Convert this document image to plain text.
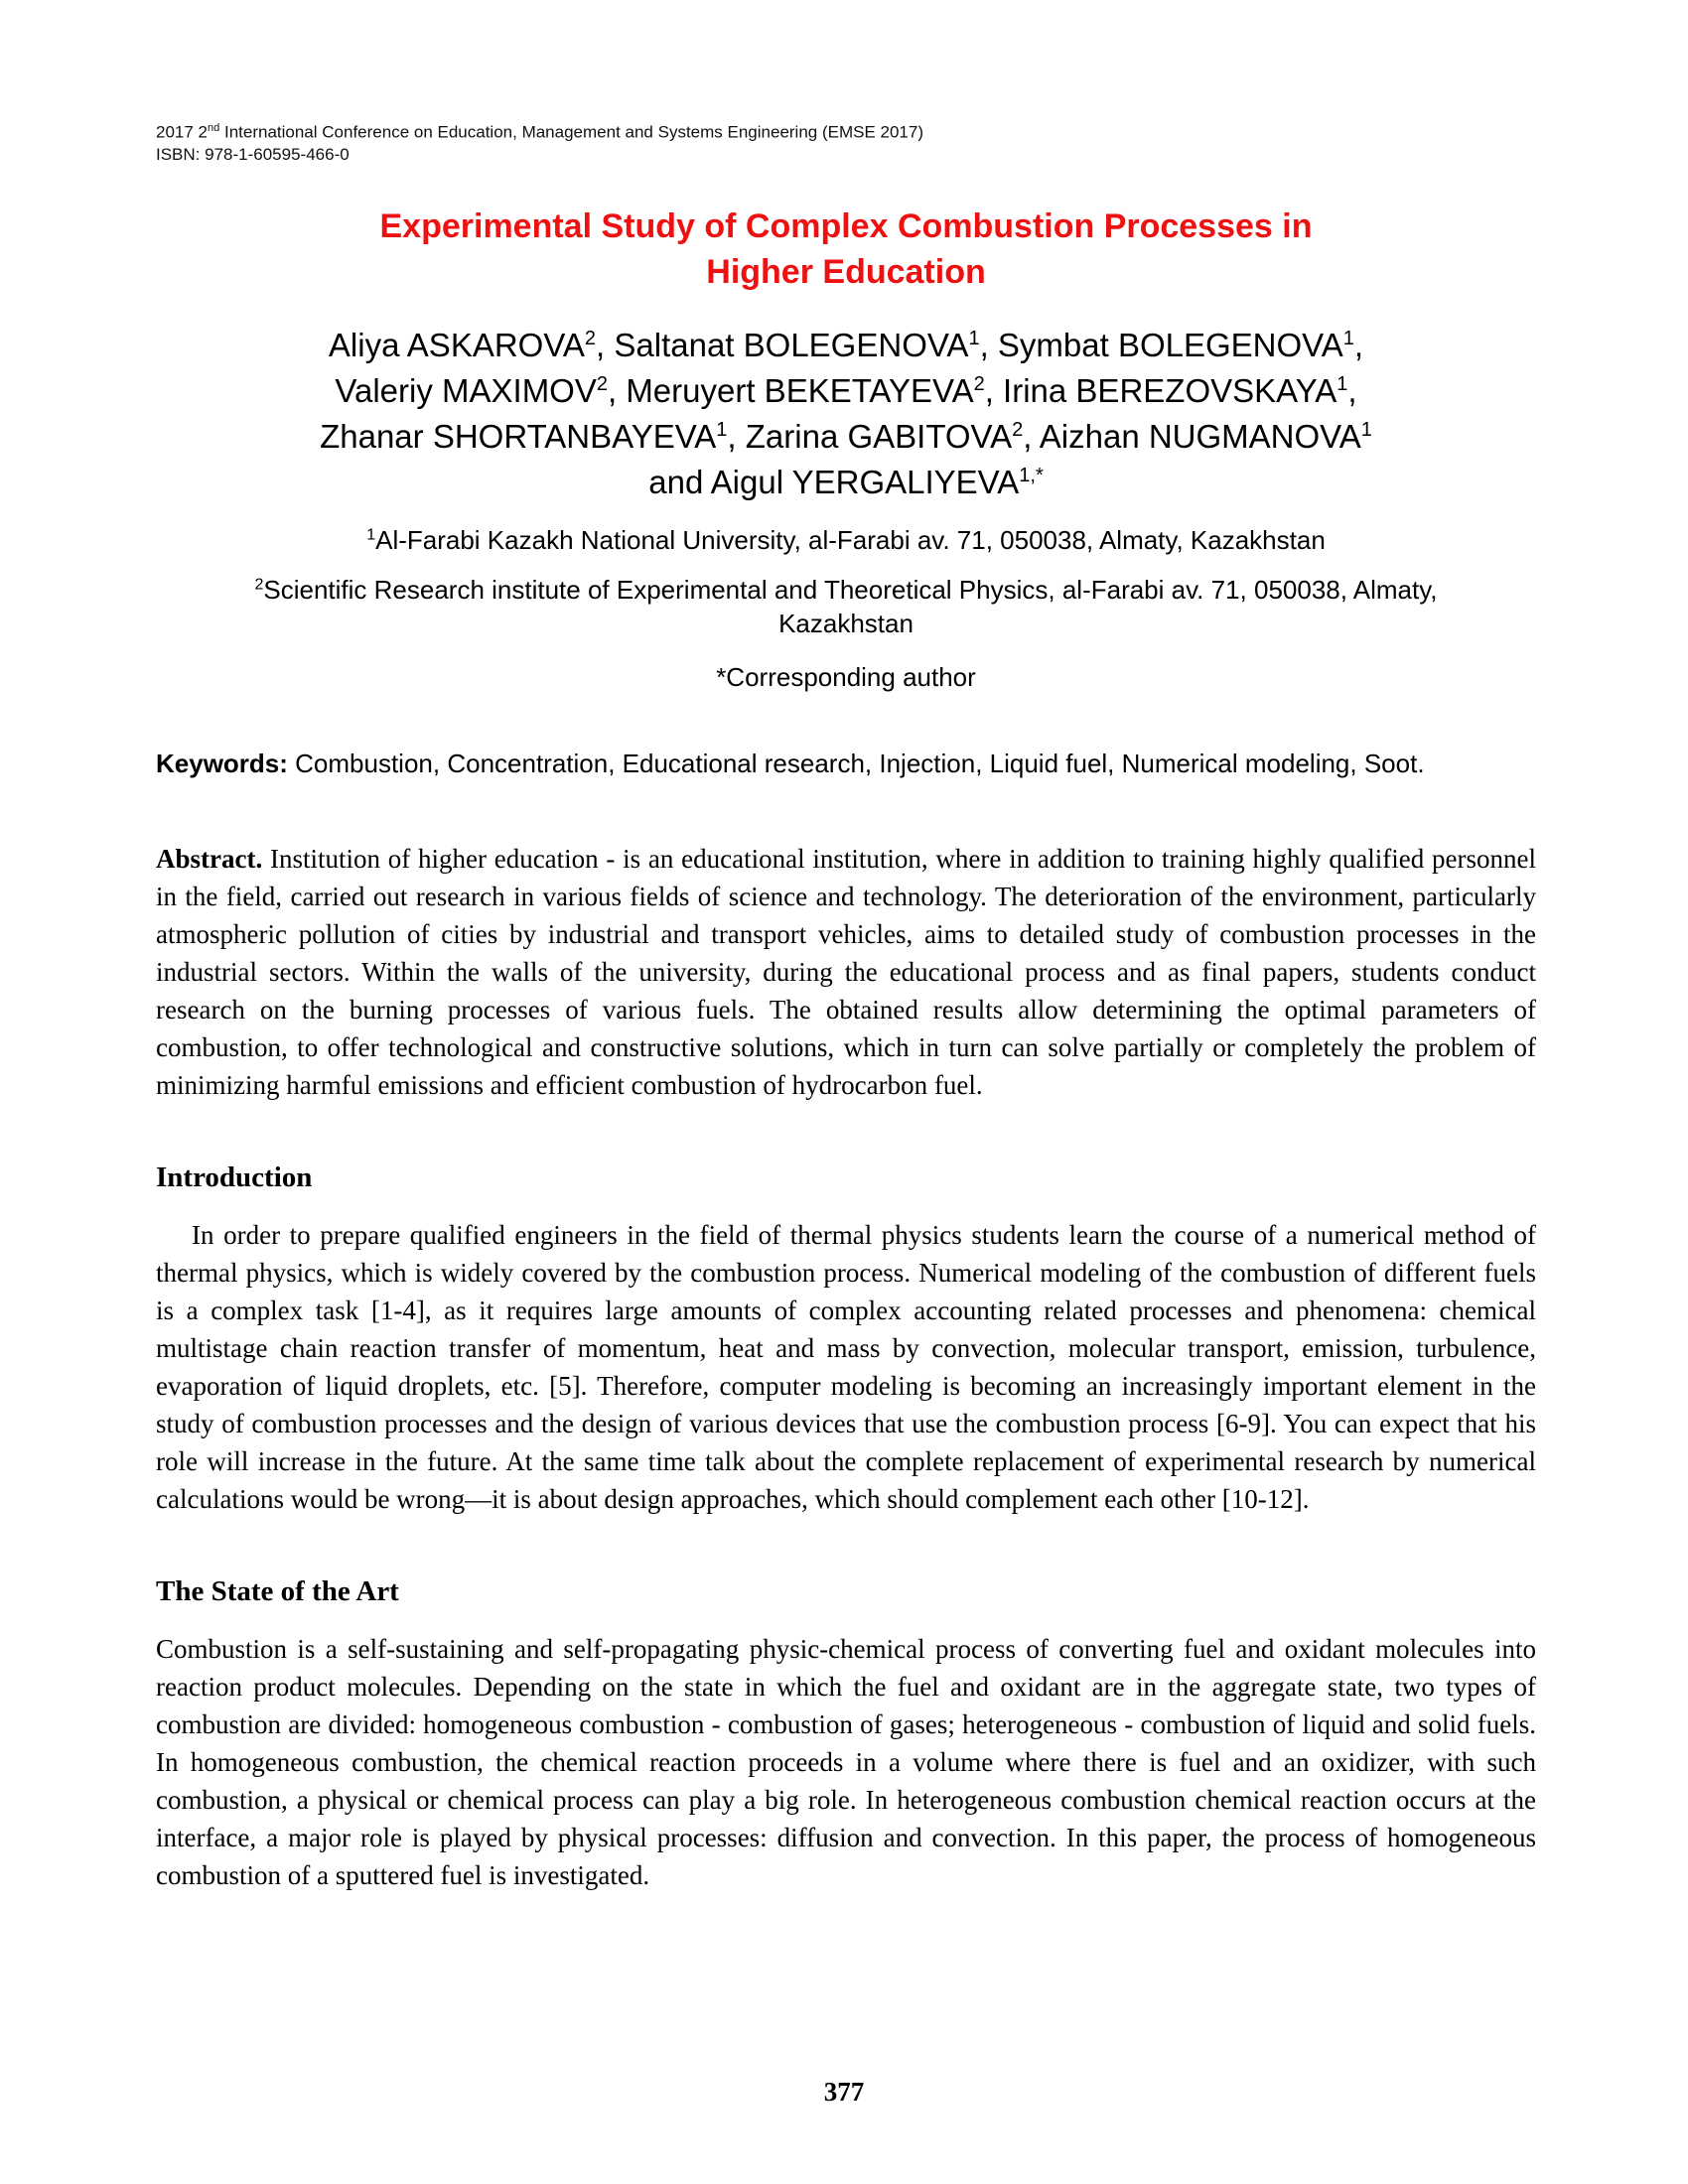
2017 2nd International Conference on Education, Management and Systems Engineering (EMSE 2017)
ISBN: 978-1-60595-466-0
Experimental Study of Complex Combustion Processes in
Higher Education
Aliya ASKAROVA$^2$, Saltanat BOLEGENOVA$^1$, Symbat BOLEGENOVA$^1$,
Valeriy MAXIMOV$^2$, Meruyert BEKETAYEVA$^2$, Irina BEREZOVSKAYA$^1$,
Zhanar SHORTANBAYEVA$^1$, Zarina GABITOVA$^2$, Aizhan NUGMANOVA$^1$
and Aigul $YERGALIYEVA^{1,*}$
$^1$Al-Farabi Kazakh National University, al-Farabi av. 71, 050038, Almaty, Kazakhstan
$^2$Scientific Research institute of Experimental and Theoretical Physics, al-Farabi av. 71, 050038, Almaty, Kazakhstan
*Corresponding author

Keywords: Combustion, Concentration, Educational research, Injection, Liquid fuel, Numerical modeling, Soot.

Abstract. Institution of higher education - is an educational institution, where in addition to training highly qualified personnel in the field, carried out research in various fields of science and technology. The deterioration of the environment, particularly atmospheric pollution of cities by industrial and transport vehicles, aims to detailed study of combustion processes in the industrial sectors. Within the walls of the university, during the educational process and as final papers, students conduct research on the burning processes of various fuels. The obtained results allow determining the optimal parameters of combustion, to offer technological and constructive solutions, which in turn can solve partially or completely the problem of minimizing harmful emissions and efficient combustion of hydrocarbon fuel.

Introduction

In order to prepare qualified engineers in the field of thermal physics students learn the course of a numerical method of thermal physics, which is widely covered by the combustion process. Numerical modeling of the combustion of different fuels is a complex task [1-4], as it requires large amounts of complex accounting related processes and phenomena: chemical multistage chain reaction transfer of momentum, heat and mass by convection, molecular transport, emission, turbulence, evaporation of liquid droplets, etc. [5]. Therefore, computer modeling is becoming an increasingly important element in the study of combustion processes and the design of various devices that use the combustion process [6-9]. You can expect that his role will increase in the future. At the same time talk about the complete replacement of experimental research by numerical calculations would be wrong—it is about design approaches, which should complement each other [10-12].

The State of the Art

Combustion is a self-sustaining and self-propagating physic-chemical process of converting fuel and oxidant molecules into reaction product molecules. Depending on the state in which the fuel and oxidant are in the aggregate state, two types of combustion are divided: homogeneous combustion - combustion of gases; heterogeneous - combustion of liquid and solid fuels. In homogeneous combustion, the chemical reaction proceeds in a volume where there is fuel and an oxidizer, with such combustion, a physical or chemical process can play a big role. In heterogeneous combustion chemical reaction occurs at the interface, a major role is played by physical processes: diffusion and convection. In this paper, the process of homogeneous combustion of a sputtered fuel is investigated.

377
